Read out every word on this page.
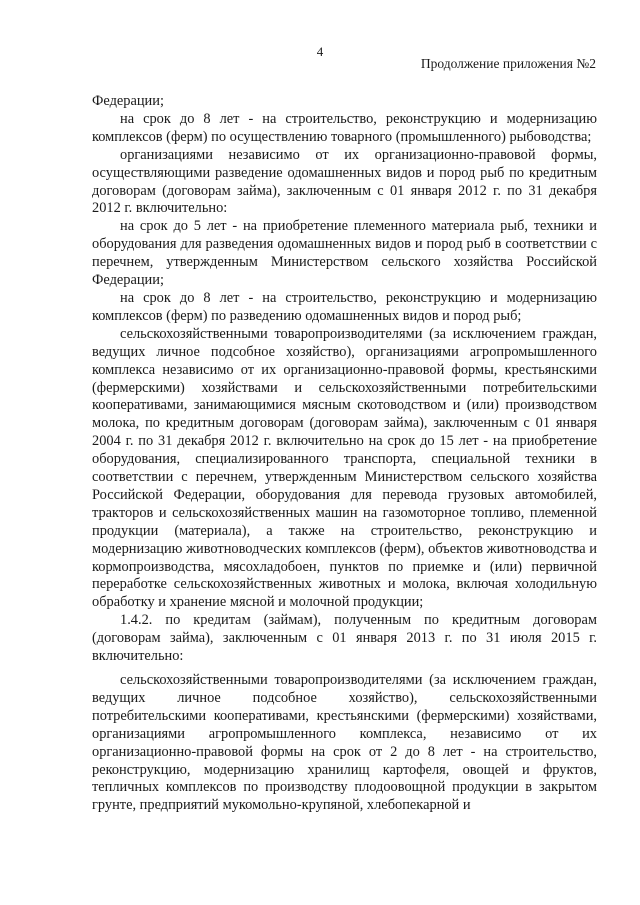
4
Продолжение приложения №2

Федерации;

на срок до 8 лет - на строительство, реконструкцию и модернизацию комплексов (ферм) по осуществлению товарного (промышленного) рыбоводства;

организациями независимо от их организационно-правовой формы, осуществляющими разведение одомашненных видов и пород рыб по кредитным договорам (договорам займа), заключенным с 01 января 2012 г. по 31 декабря 2012 г. включительно:

на срок до 5 лет - на приобретение племенного материала рыб, техники и оборудования для разведения одомашненных видов и пород рыб в соответствии с перечнем, утвержденным Министерством сельского хозяйства Российской Федерации;

на срок до 8 лет - на строительство, реконструкцию и модернизацию комплексов (ферм) по разведению одомашненных видов и пород рыб;

сельскохозяйственными товаропроизводителями (за исключением граждан, ведущих личное подсобное хозяйство), организациями агропромышленного комплекса независимо от их организационно-правовой формы, крестьянскими (фермерскими) хозяйствами и сельскохозяйственными потребительскими кооперативами, занимающимися мясным скотоводством и (или) производством молока, по кредитным договорам (договорам займа), заключенным с 01 января 2004 г. по 31 декабря 2012 г. включительно на срок до 15 лет - на приобретение оборудования, специализированного транспорта, специальной техники в соответствии с перечнем, утвержденным Министерством сельского хозяйства Российской Федерации, оборудования для перевода грузовых автомобилей, тракторов и сельскохозяйственных машин на газомоторное топливо, племенной продукции (материала), а также на строительство, реконструкцию и модернизацию животноводческих комплексов (ферм), объектов животноводства и кормопроизводства, мясохладобоен, пунктов по приемке и (или) первичной переработке сельскохозяйственных животных и молока, включая холодильную обработку и хранение мясной и молочной продукции;

1.4.2. по кредитам (займам), полученным по кредитным договорам (договорам займа), заключенным с 01 января 2013 г. по 31 июля 2015 г. включительно:

сельскохозяйственными товаропроизводителями (за исключением граждан, ведущих личное подсобное хозяйство), сельскохозяйственными потребительскими кооперативами, крестьянскими (фермерскими) хозяйствами, организациями агропромышленного комплекса, независимо от их организационно-правовой формы на срок от 2 до 8 лет - на строительство, реконструкцию, модернизацию хранилищ картофеля, овощей и фруктов, тепличных комплексов по производству плодоовощной продукции в закрытом грунте, предприятий мукомольно-крупяной, хлебопекарной и
